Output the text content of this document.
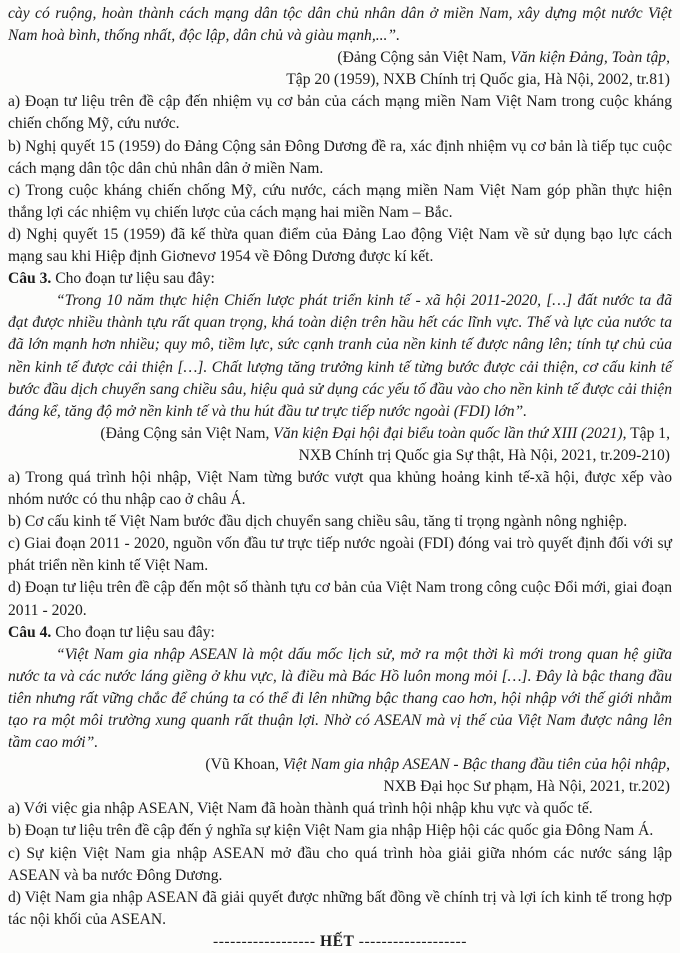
cày có ruộng, hoàn thành cách mạng dân tộc dân chủ nhân dân ở miền Nam, xây dựng một nước Việt Nam hoà bình, thống nhất, độc lập, dân chủ và giàu mạnh,...”.

(Đảng Cộng sản Việt Nam, Văn kiện Đảng, Toàn tập,

Tập 20 (1959), NXB Chính trị Quốc gia, Hà Nội, 2002, tr.81)

a) Đoạn tư liệu trên đề cập đến nhiệm vụ cơ bản của cách mạng miền Nam Việt Nam trong cuộc kháng chiến chống Mỹ, cứu nước.

b) Nghị quyết 15 (1959) do Đảng Cộng sản Đông Dương đề ra, xác định nhiệm vụ cơ bản là tiếp tục cuộc cách mạng dân tộc dân chủ nhân dân ở miền Nam.

c) Trong cuộc kháng chiến chống Mỹ, cứu nước, cách mạng miền Nam Việt Nam góp phần thực hiện thắng lợi các nhiệm vụ chiến lược của cách mạng hai miền Nam – Bắc.

d) Nghị quyết 15 (1959) đã kế thừa quan điểm của Đảng Lao động Việt Nam về sử dụng bạo lực cách mạng sau khi Hiệp định Giơnevơ 1954 về Đông Dương được kí kết.

Câu 3. Cho đoạn tư liệu sau đây:

“Trong 10 năm thực hiện Chiến lược phát triển kinh tế - xã hội 2011-2020, […] đất nước ta đã đạt được nhiều thành tựu rất quan trọng, khá toàn diện trên hầu hết các lĩnh vực. Thế và lực của nước ta đã lớn mạnh hơn nhiều; quy mô, tiềm lực, sức cạnh tranh của nền kinh tế được nâng lên; tính tự chủ của nền kinh tế được cải thiện […]. Chất lượng tăng trưởng kinh tế từng bước được cải thiện, cơ cấu kinh tế bước đầu dịch chuyển sang chiều sâu, hiệu quả sử dụng các yếu tố đầu vào cho nền kinh tế được cải thiện đáng kể, tăng độ mở nền kinh tế và thu hút đầu tư trực tiếp nước ngoài (FDI) lớn”.

(Đảng Cộng sản Việt Nam, Văn kiện Đại hội đại biểu toàn quốc lần thứ XIII (2021), Tập 1,

NXB Chính trị Quốc gia Sự thật, Hà Nội, 2021, tr.209-210)

a) Trong quá trình hội nhập, Việt Nam từng bước vượt qua khủng hoảng kinh tế-xã hội, được xếp vào nhóm nước có thu nhập cao ở châu Á.

b) Cơ cấu kinh tế Việt Nam bước đầu dịch chuyển sang chiều sâu, tăng tỉ trọng ngành nông nghiệp.

c) Giai đoạn 2011 - 2020, nguồn vốn đầu tư trực tiếp nước ngoài (FDI) đóng vai trò quyết định đối với sự phát triển nền kinh tế Việt Nam.

d) Đoạn tư liệu trên đề cập đến một số thành tựu cơ bản của Việt Nam trong công cuộc Đổi mới, giai đoạn 2011 - 2020.

Câu 4. Cho đoạn tư liệu sau đây:

“Việt Nam gia nhập ASEAN là một dấu mốc lịch sử, mở ra một thời kì mới trong quan hệ giữa nước ta và các nước láng giềng ở khu vực, là điều mà Bác Hồ luôn mong mỏi […]. Đây là bậc thang đầu tiên nhưng rất vững chắc để chúng ta có thể đi lên những bậc thang cao hơn, hội nhập với thế giới nhằm tạo ra một môi trường xung quanh rất thuận lợi. Nhờ có ASEAN mà vị thế của Việt Nam được nâng lên tầm cao mới”.

(Vũ Khoan, Việt Nam gia nhập ASEAN - Bậc thang đầu tiên của hội nhập,

NXB Đại học Sư phạm, Hà Nội, 2021, tr.202)

a) Với việc gia nhập ASEAN, Việt Nam đã hoàn thành quá trình hội nhập khu vực và quốc tế.

b) Đoạn tư liệu trên đề cập đến ý nghĩa sự kiện Việt Nam gia nhập Hiệp hội các quốc gia Đông Nam Á.

c) Sự kiện Việt Nam gia nhập ASEAN mở đầu cho quá trình hòa giải giữa nhóm các nước sáng lập ASEAN và ba nước Đông Dương.

d) Việt Nam gia nhập ASEAN đã giải quyết được những bất đồng về chính trị và lợi ích kinh tế trong hợp tác nội khối của ASEAN.

------------------ HẾT -------------------
